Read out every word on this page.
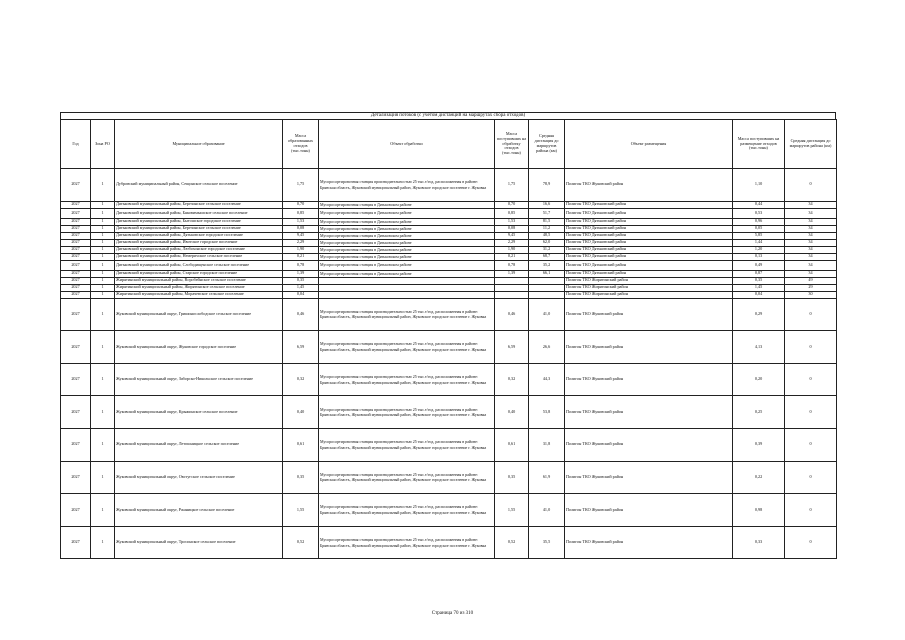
Детализация потоков (с учетом дистанций на маршрутах сбора отходов)
Год	Зона РО	Муниципальное образование	Масса образованных отходов (тыс.тонн)	Объект обработки	Масса поступивших на обработку отходов (тыс.тонн)	Средняя дистанция до маршрутов района (км)	Объект размещения	Масса поступивших на размещение отходов (тыс.тонн)	Средняя дистанция до маршрутов района (км)
2027	1	Дубровский муниципальный район, Сещинское сельское поселение	1,75	Мусоросортировочная станция производительностью 25 тыс.т/год, расположенная в районе: Брянская область, Жуковский муниципальный район, Жуковское городское поселение г. Жуковка	1,75	78,9	Полигон ТКО Жуковский район	1,10	0
2027	1	Дятьковский муниципальный район, Березинское сельское поселение	0,70	Мусоросортировочная станция в Дятьковском районе	0,70	16,6	Полигон ТКО Дятьковский район	0,44	34
2027	1	Дятьковский муниципальный район, Бяковимышское сельское поселение	0,85	Мусоросортировочная станция в Дятьковском районе	0,85	51,7	Полигон ТКО Дятьковский район	0,53	34
2027	1	Дятьковский муниципальный район, Бытошское городское поселение	1,53	Мусоросортировочная станция в Дятьковском районе	1,53	81,5	Полигон ТКО Дятьковский район	0,96	34
2027	1	Дятьковский муниципальный район, Березинское сельское поселение	0,08	Мусоросортировочная станция в Дятьковском районе	0,08	11,2	Полигон ТКО Дятьковский район	0,05	34
2027	1	Дятьковский муниципальный район, Дятьковское городское поселение	9,45	Мусоросортировочная станция в Дятьковском районе	9,45	48,5	Полигон ТКО Дятьковский район	5,85	34
2027	1	Дятьковский муниципальный район, Ивотское городское поселение	2,29	Мусоросортировочная станция в Дятьковском районе	2,29	62,0	Полигон ТКО Дятьковский район	1,44	34
2027	1	Дятьковский муниципальный район, Любохонское городское поселение	1,90	Мусоросортировочная станция в Дятьковском районе	1,90	31,2	Полигон ТКО Дятьковский район	1,20	34
2027	1	Дятьковский муниципальный район, Немеричское сельское поселение	0,21	Мусоросортировочная станция в Дятьковском районе	0,21	68,7	Полигон ТКО Дятьковский район	0,13	34
2027	1	Дятьковский муниципальный район, Слободищенское сельское поселение	0,78	Мусоросортировочная станция в Дятьковском районе	0,78	35,2	Полигон ТКО Дятьковский район	0,49	34
2027	1	Дятьковский муниципальный район, Старское городское поселение	1,39	Мусоросортировочная станция в Дятьковском районе	1,39	66,1	Полигон ТКО Дятьковский район	0,87	34
2027	1	Жирятинский муниципальный район, Воробейнское сельское поселение	0,35				Полигон ТКО Жирятинский район	0,35	49
2027	1	Жирятинский муниципальный район, Жирятинское сельское поселение	1,45				Полигон ТКО Жирятинский район	1,45	29
2027	1	Жирятинский муниципальный район, Морачевское сельское поселение	0,04				Полигон ТКО Жирятинский район	0,04	30
2027	1	Жуковский муниципальный округ, Гришинослободское сельское поселение	0,46	Мусоросортировочная станция производительностью 25 тыс.т/год, расположенная в районе: Брянская область, Жуковский муниципальный район, Жуковское городское поселение г. Жуковка	0,46	41,0	Полигон ТКО Жуковский район	0,29	0
2027	1	Жуковский муниципальный округ, Жуковское городское поселение	6,59	Мусоросортировочная станция производительностью 25 тыс.т/год, расположенная в районе: Брянская область, Жуковский муниципальный район, Жуковское городское поселение г. Жуковка	6,59	26,6	Полигон ТКО Жуковский район	4,13	0
2027	1	Жуковский муниципальный округ, Заборско-Никольское сельское поселение	0,32	Мусоросортировочная станция производительностью 25 тыс.т/год, расположенная в районе: Брянская область, Жуковский муниципальный район, Жуковское городское поселение г. Жуковка	0,32	44,3	Полигон ТКО Жуковский район	0,20	0
2027	1	Жуковский муниципальный округ, Крыжинское сельское поселение	0,40	Мусоросортировочная станция производительностью 25 тыс.т/год, расположенная в районе: Брянская область, Жуковский муниципальный район, Жуковское городское поселение г. Жуковка	0,40	53,8	Полигон ТКО Жуковский район	0,25	0
2027	1	Жуковский муниципальный округ, Летошницкое сельское поселение	0,61	Мусоросортировочная станция производительностью 25 тыс.т/год, расположенная в районе: Брянская область, Жуковский муниципальный район, Жуковское городское поселение г. Жуковка	0,61	31,8	Полигон ТКО Жуковский район	0,39	0
2027	1	Жуковский муниципальный округ, Овстугское сельское поселение	0,35	Мусоросортировочная станция производительностью 25 тыс.т/год, расположенная в районе: Брянская область, Жуковский муниципальный район, Жуковское городское поселение г. Жуковка	0,35	61,9	Полигон ТКО Жуковский район	0,22	0
2027	1	Жуковский муниципальный округ, Ржаницкое сельское поселение	1,55	Мусоросортировочная станция производительностью 25 тыс.т/год, расположенная в районе: Брянская область, Жуковский муниципальный район, Жуковское городское поселение г. Жуковка	1,55	41,0	Полигон ТКО Жуковский район	0,98	0
2027	1	Жуковский муниципальный округ, Тросинское сельское поселение	0,52	Мусоросортировочная станция производительностью 25 тыс.т/год, расположенная в районе: Брянская область, Жуковский муниципальный район, Жуковское городское поселение г. Жуковка	0,52	35,5	Полигон ТКО Жуковский район	0,33	0
Страница 70 из 310
